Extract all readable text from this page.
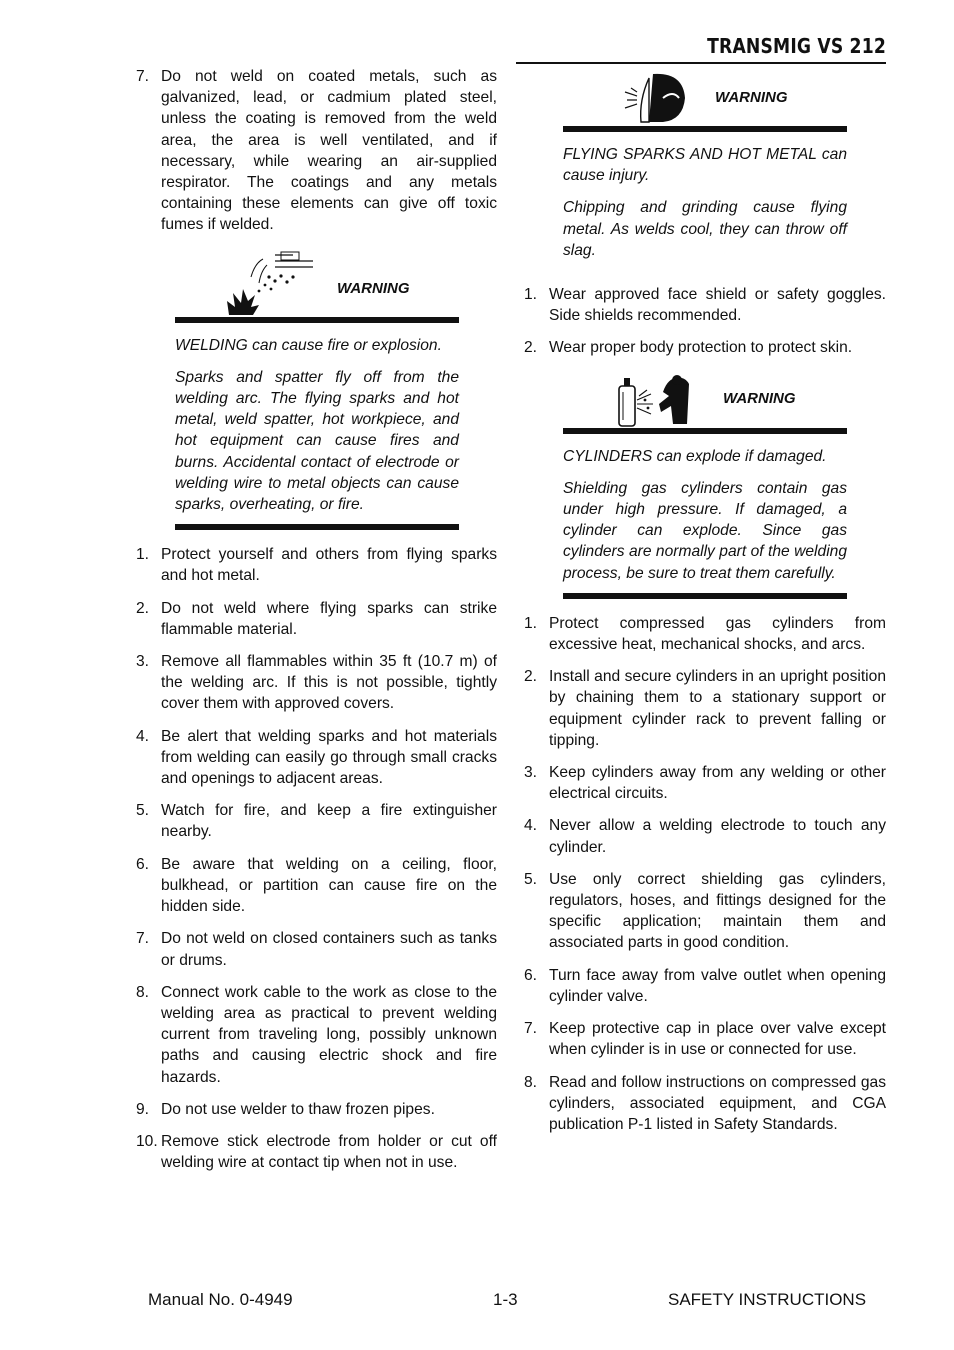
TRANSMIG VS 212
7. Do not weld on coated metals, such as galvanized, lead, or cadmium plated steel, unless the coating is removed from the weld area, the area is well ventilated, and if necessary, while wearing an air-supplied respirator. The coatings and any metals containing these elements can give off toxic fumes if welded.
WARNING

WELDING can cause fire or explosion.

Sparks and spatter fly off from the welding arc. The flying sparks and hot metal, weld spatter, hot workpiece, and hot equipment can cause fires and burns. Accidental contact of electrode or welding wire to metal objects can cause sparks, overheating, or fire.

1. Protect yourself and others from flying sparks and hot metal.
2. Do not weld where flying sparks can strike flammable material.
3. Remove all flammables within 35 ft (10.7 m) of the welding arc. If this is not possible, tightly cover them with approved covers.
4. Be alert that welding sparks and hot materials from welding can easily go through small cracks and openings to adjacent areas.
5. Watch for fire, and keep a fire extinguisher nearby.
6. Be aware that welding on a ceiling, floor, bulkhead, or partition can cause fire on the hidden side.
7. Do not weld on closed containers such as tanks or drums.
8. Connect work cable to the work as close to the welding area as practical to prevent welding current from traveling long, possibly unknown paths and causing electric shock and fire hazards.
9. Do not use welder to thaw frozen pipes.
10. Remove stick electrode from holder or cut off welding wire at contact tip when not in use.
WARNING

FLYING SPARKS AND HOT METAL can cause injury.

Chipping and grinding cause flying metal. As welds cool, they can throw off slag.

1. Wear approved face shield or safety goggles. Side shields recommended.
2. Wear proper body protection to protect skin.
WARNING

CYLINDERS can explode if damaged.

Shielding gas cylinders contain gas under high pressure. If damaged, a cylinder can explode. Since gas cylinders are normally part of the welding process, be sure to treat them carefully.

1. Protect compressed gas cylinders from excessive heat, mechanical shocks, and arcs.
2. Install and secure cylinders in an upright position by chaining them to a stationary support or equipment cylinder rack to prevent falling or tipping.
3. Keep cylinders away from any welding or other electrical circuits.
4. Never allow a welding electrode to touch any cylinder.
5. Use only correct shielding gas cylinders, regulators, hoses, and fittings designed for the specific application; maintain them and associated parts in good condition.
6. Turn face away from valve outlet when opening cylinder valve.
7. Keep protective cap in place over valve except when cylinder is in use or connected for use.
8. Read and follow instructions on compressed gas cylinders, associated equipment, and CGA publication P-1 listed in Safety Standards.
Manual No. 0-4949	1-3	SAFETY INSTRUCTIONS
